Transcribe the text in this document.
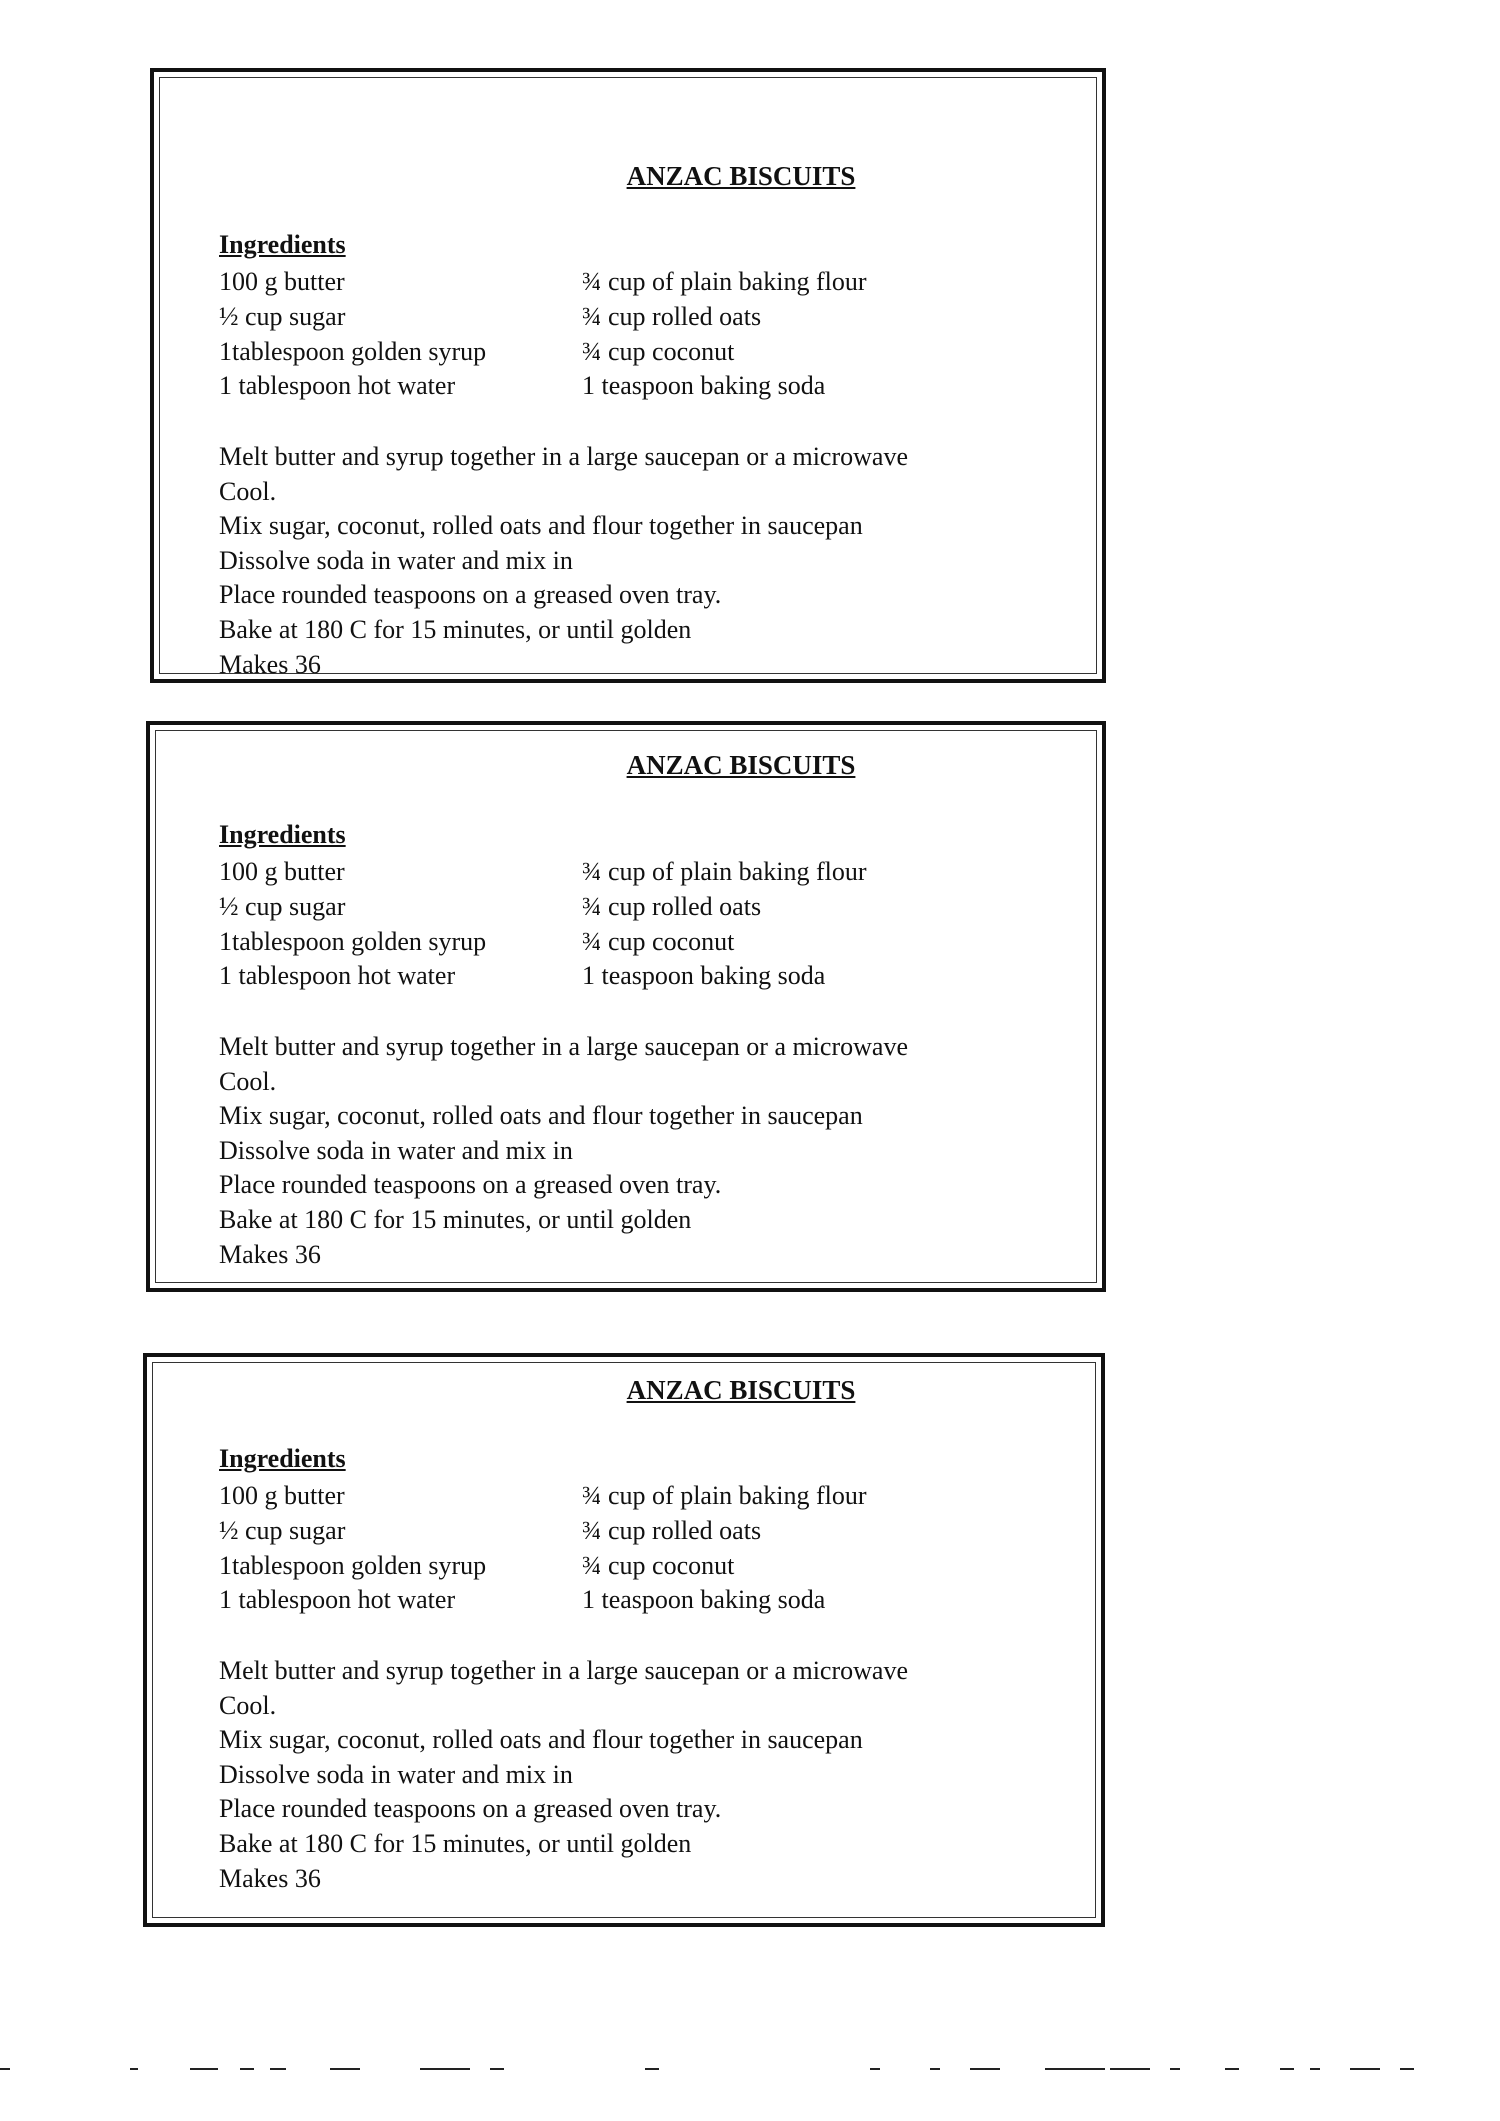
ANZAC BISCUITS
Ingredients
100 g butter
½ cup sugar
1tablespoon golden syrup
1 tablespoon hot water
¾ cup of plain baking flour
¾ cup rolled oats
¾ cup coconut
1 teaspoon baking soda
Melt butter and syrup together in a large saucepan or a microwave
Cool.
Mix sugar, coconut, rolled oats and flour together in saucepan
Dissolve soda in water and mix in
Place rounded teaspoons on a greased oven tray.
Bake at 180 C for 15 minutes, or until golden
Makes 36
ANZAC BISCUITS
Ingredients
100 g butter
½ cup sugar
1tablespoon golden syrup
1 tablespoon hot water
¾ cup of plain baking flour
¾ cup rolled oats
¾ cup coconut
1 teaspoon baking soda
Melt butter and syrup together in a large saucepan or a microwave
Cool.
Mix sugar, coconut, rolled oats and flour together in saucepan
Dissolve soda in water and mix in
Place rounded teaspoons on a greased oven tray.
Bake at 180 C for 15 minutes, or until golden
Makes 36
ANZAC BISCUITS
Ingredients
100 g butter
½ cup sugar
1tablespoon golden syrup
1 tablespoon hot water
¾ cup of plain baking flour
¾ cup rolled oats
¾ cup coconut
1 teaspoon baking soda
Melt butter and syrup together in a large saucepan or a microwave
Cool.
Mix sugar, coconut, rolled oats and flour together in saucepan
Dissolve soda in water and mix in
Place rounded teaspoons on a greased oven tray.
Bake at 180 C for 15 minutes, or until golden
Makes 36
